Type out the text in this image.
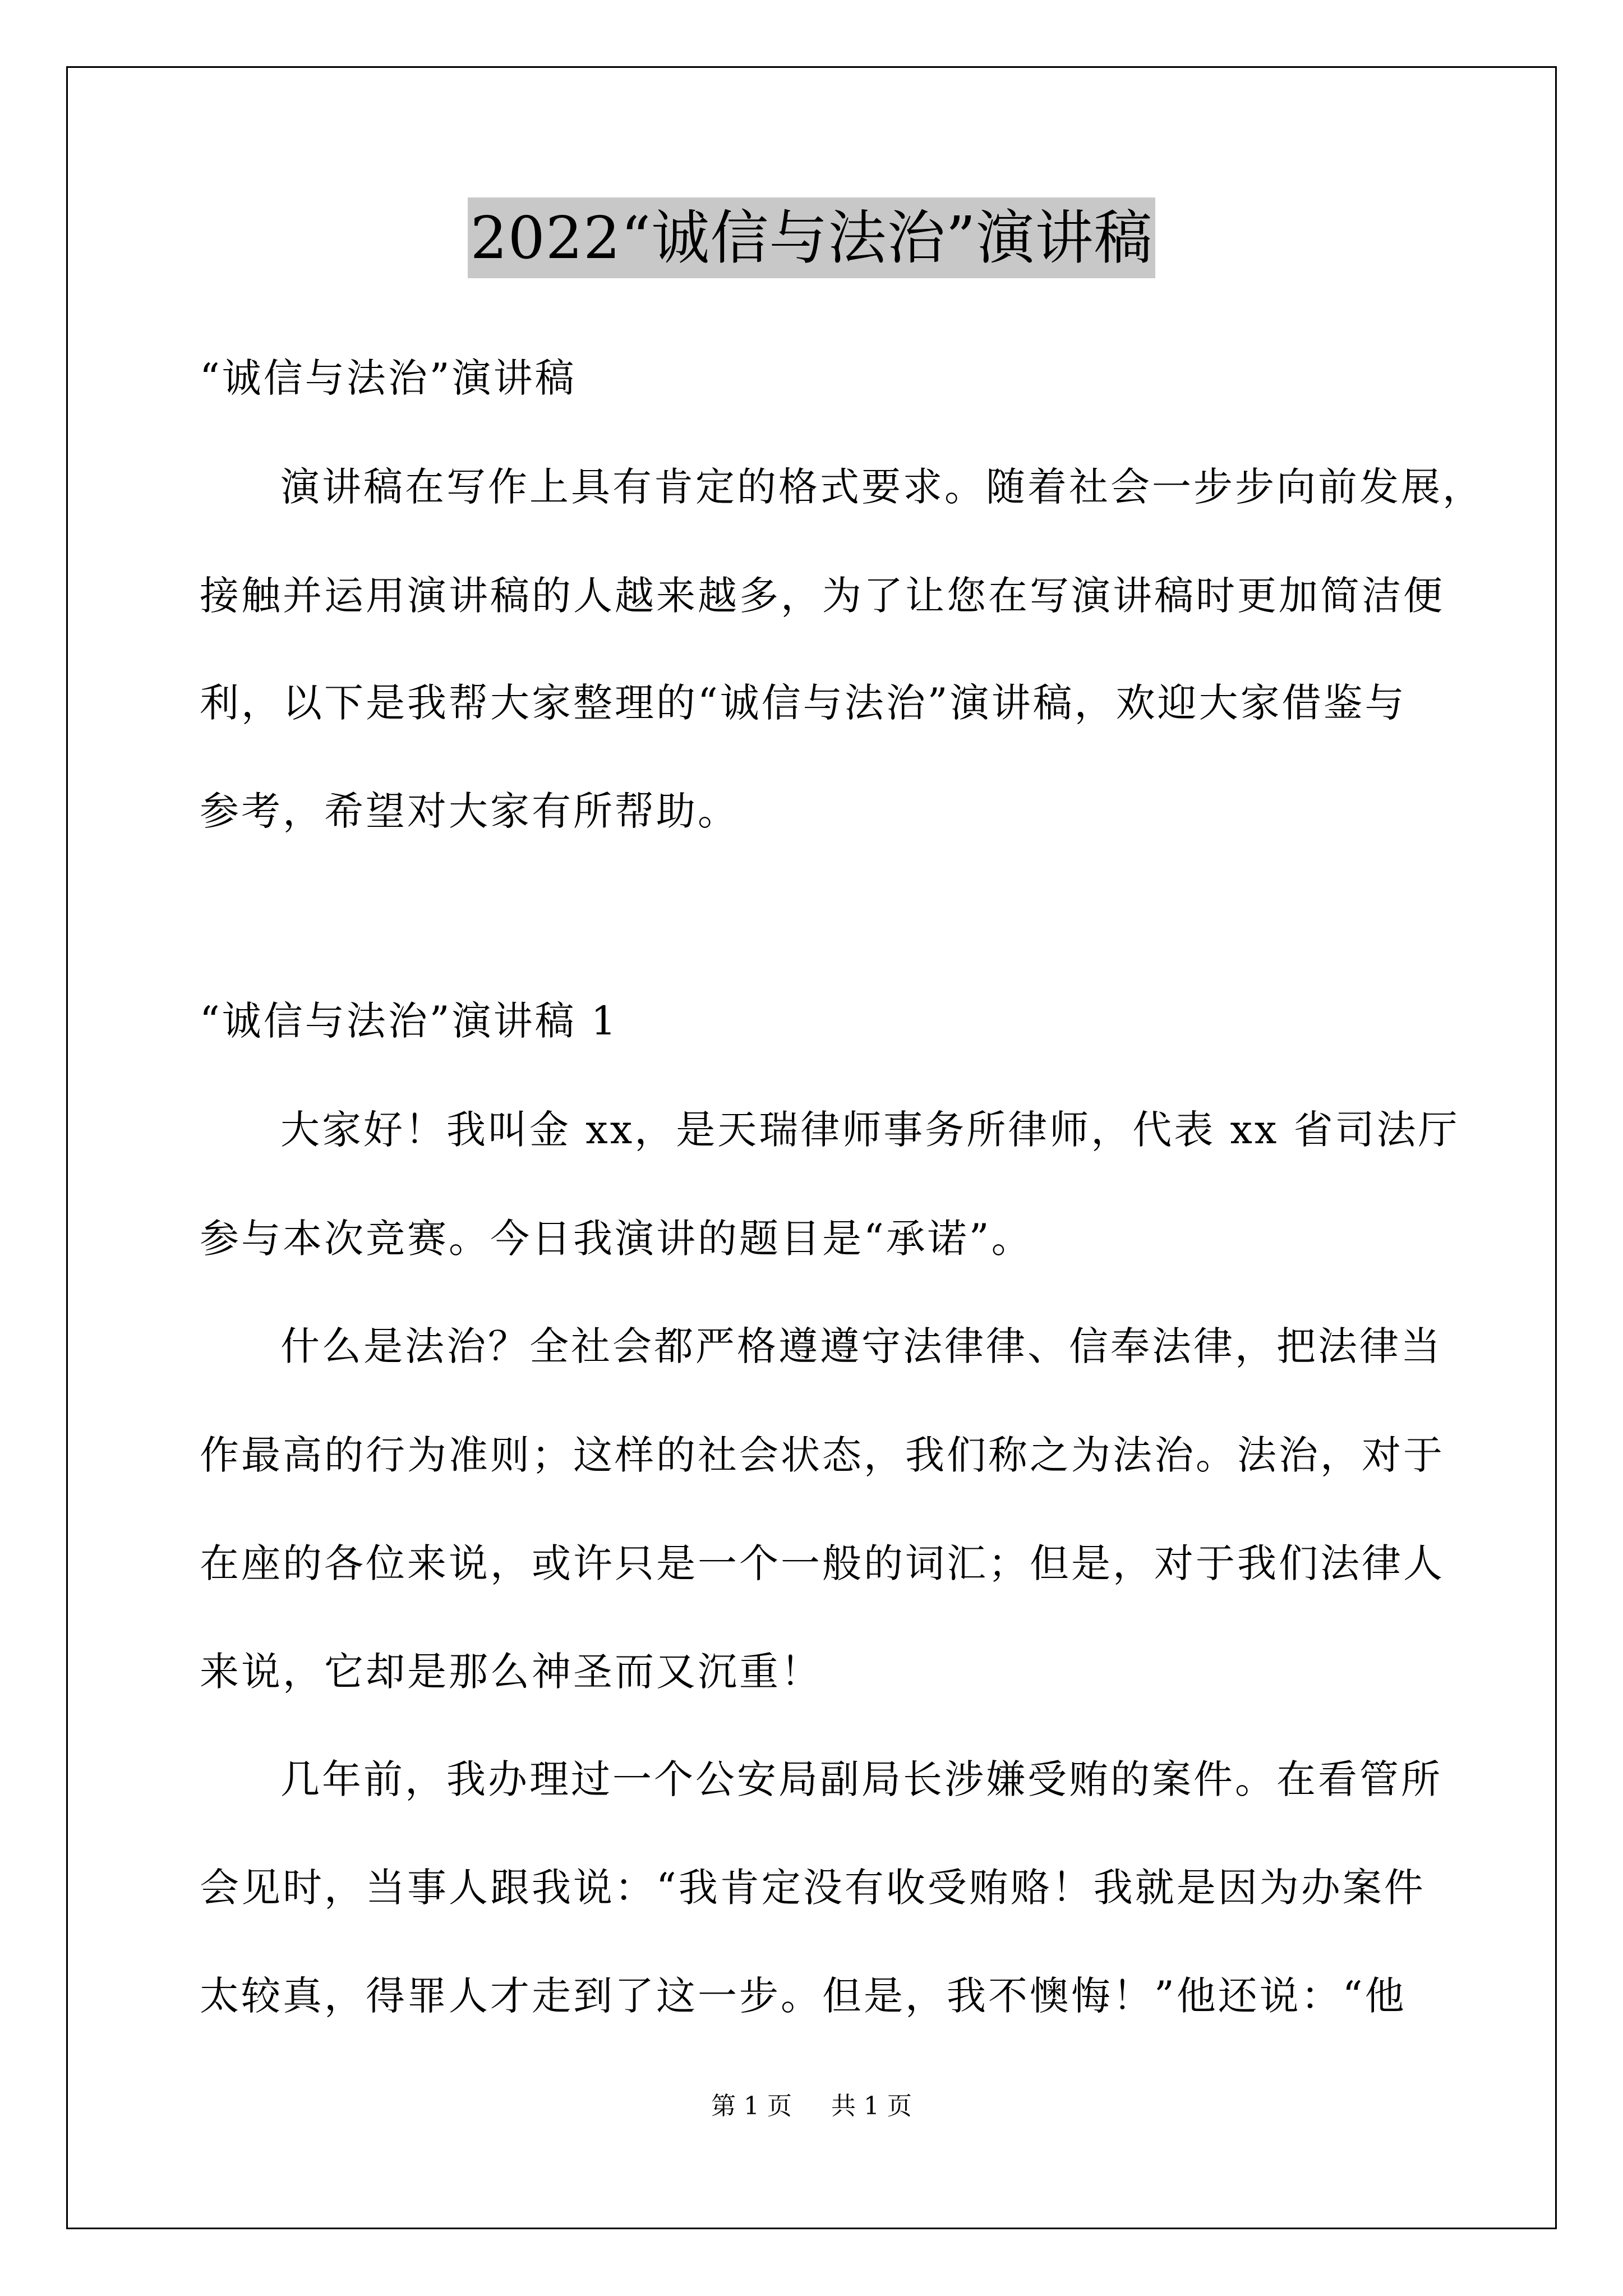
2022“诚信与法治”演讲稿
“诚信与法治”演讲稿
演讲稿在写作上具有肯定的格式要求。随着社会一步步向前发展，
接触并运用演讲稿的人越来越多，为了让您在写演讲稿时更加简洁便
利，以下是我帮大家整理的“诚信与法治”演讲稿，欢迎大家借鉴与
参考，希望对大家有所帮助。
“诚信与法治”演讲稿 1
大家好！我叫金 xx，是天瑞律师事务所律师，代表 xx 省司法厅
参与本次竞赛。今日我演讲的题目是“承诺”。
什么是法治？全社会都严格遵遵守法律律、信奉法律，把法律当
作最高的行为准则；这样的社会状态，我们称之为法治。法治，对于
在座的各位来说，或许只是一个一般的词汇；但是，对于我们法律人
来说，它却是那么神圣而又沉重！
几年前，我办理过一个公安局副局长涉嫌受贿的案件。在看管所
会见时，当事人跟我说：“我肯定没有收受贿赂！我就是因为办案件
太较真，得罪人才走到了这一步。但是，我不懊悔！”他还说：“他
第 1 页 共 1 页
